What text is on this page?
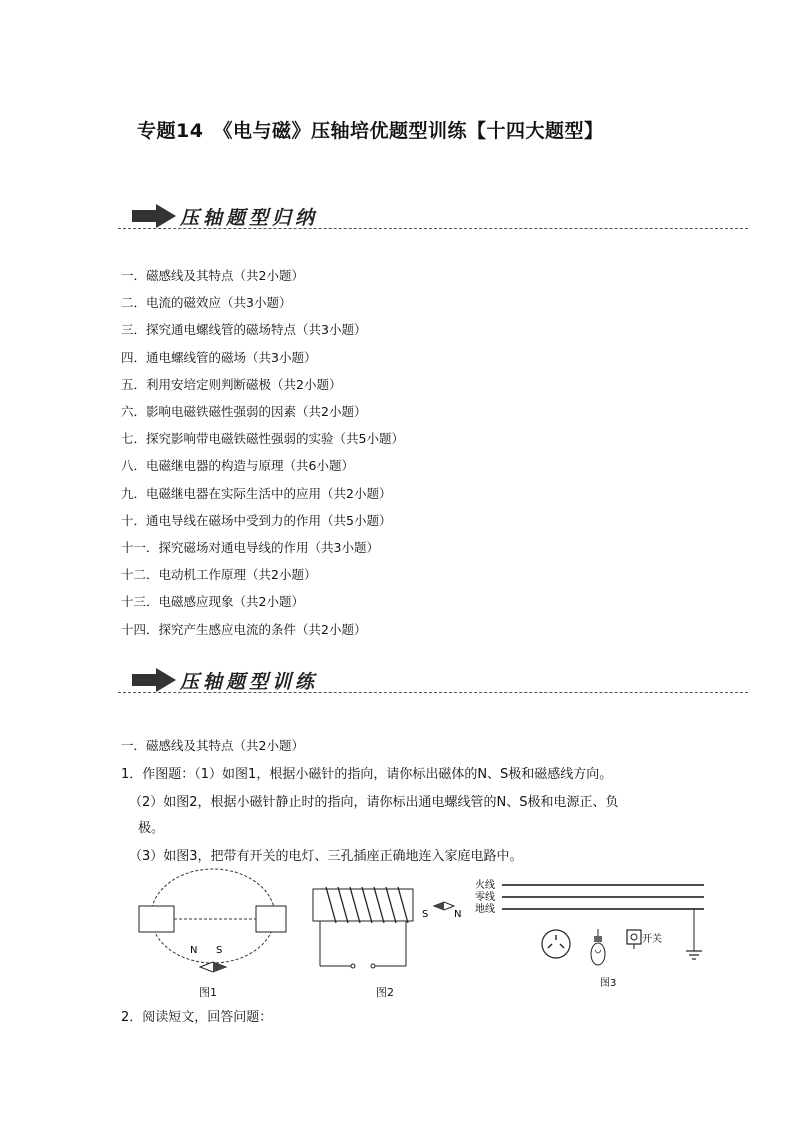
专题14　《电与磁》压轴培优题型训练【十四大题型】
压轴题型归纳
一．磁感线及其特点（共2小题）
二．电流的磁效应（共3小题）
三．探究通电螺线管的磁场特点（共3小题）
四．通电螺线管的磁场（共3小题）
五．利用安培定则判断磁极（共2小题）
六．影响电磁铁磁性强弱的因素（共2小题）
七．探究影响带电磁铁磁性强弱的实验（共5小题）
八．电磁继电器的构造与原理（共6小题）
九．电磁继电器在实际生活中的应用（共2小题）
十．通电导线在磁场中受到力的作用（共5小题）
十一．探究磁场对通电导线的作用（共3小题）
十二．电动机工作原理（共2小题）
十三．电磁感应现象（共2小题）
十四．探究产生感应电流的条件（共2小题）
压轴题型训练
一．磁感线及其特点（共2小题）
1．作图题：（1）如图1，根据小磁针的指向，请你标出磁体的N、S极和磁感线方向。
（2）如图2，根据小磁针静止时的指向，请你标出通电螺线管的N、S极和电源正、负
极。
（3）如图3，把带有开关的电灯、三孔插座正确地连入家庭电路中。
N S
图1
S	N
图2
火线
零线
地线
开关
图3
2．阅读短文，回答问题：
